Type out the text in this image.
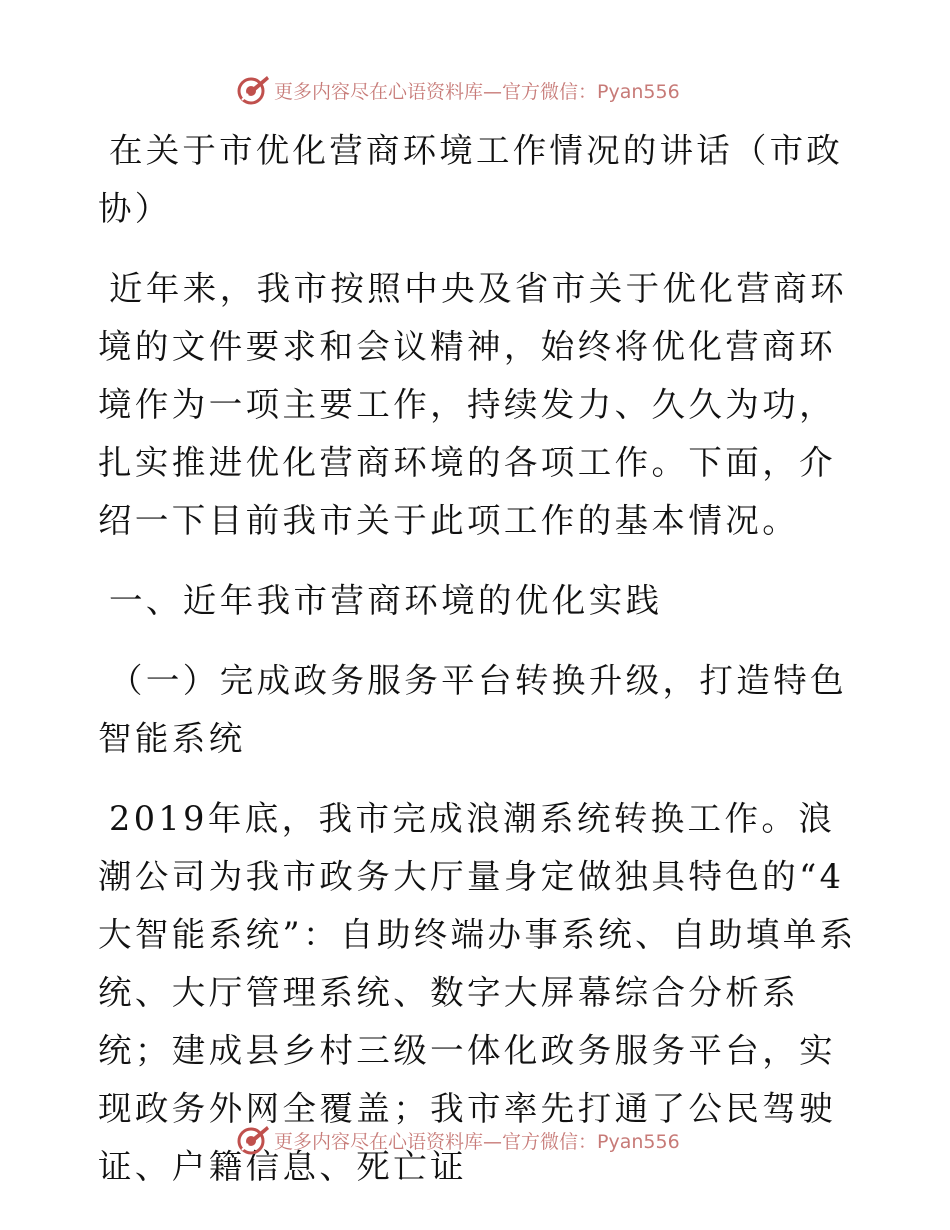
更多内容尽在心语资料库—官方微信：Pyan556

在关于市优化营商环境工作情况的讲话（市政协）

近年来，我市按照中央及省市关于优化营商环境的文件要求和会议精神，始终将优化营商环境作为一项主要工作，持续发力、久久为功，扎实推进优化营商环境的各项工作。下面，介绍一下目前我市关于此项工作的基本情况。

一、近年我市营商环境的优化实践

（一）完成政务服务平台转换升级，打造特色智能系统

2019年底，我市完成浪潮系统转换工作。浪潮公司为我市政务大厅量身定做独具特色的“4大智能系统”：自助终端办事系统、自助填单系统、大厅管理系统、数字大屏幕综合分析系统；建成县乡村三级一体化政务服务平台，实现政务外网全覆盖；我市率先打通了公民驾驶证、户籍信息、死亡证

更多内容尽在心语资料库—官方微信：Pyan556
